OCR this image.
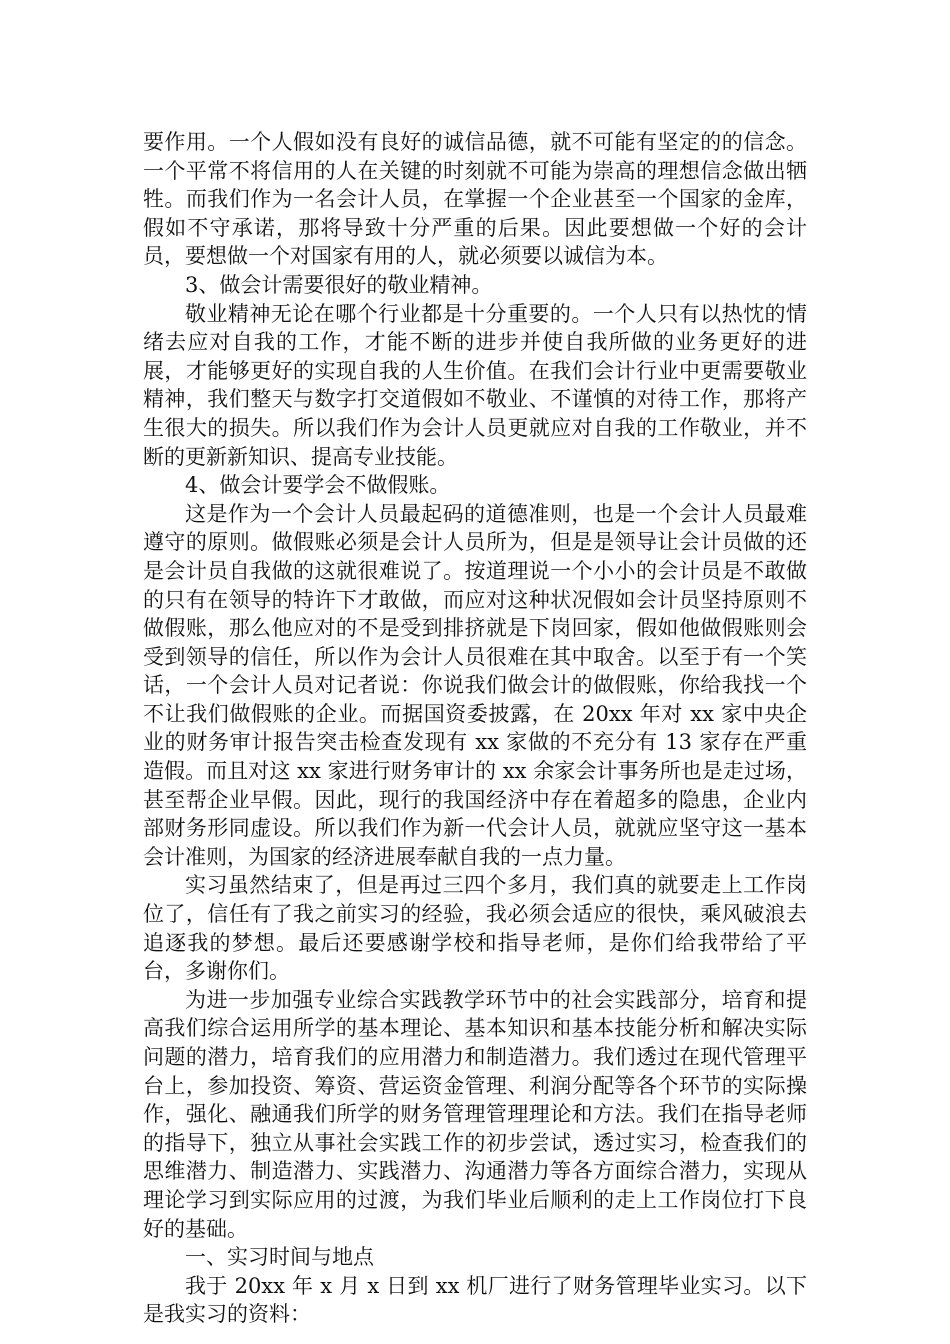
要作用。一个人假如没有良好的诚信品德，就不可能有坚定的的信念。一个平常不将信用的人在关键的时刻就不可能为崇高的理想信念做出牺牲。而我们作为一名会计人员，在掌握一个企业甚至一个国家的金库，假如不守承诺，那将导致十分严重的后果。因此要想做一个好的会计员，要想做一个对国家有用的人，就必须要以诚信为本。

3、做会计需要很好的敬业精神。

敬业精神无论在哪个行业都是十分重要的。一个人只有以热忱的情绪去应对自我的工作，才能不断的进步并使自我所做的业务更好的进展，才能够更好的实现自我的人生价值。在我们会计行业中更需要敬业精神，我们整天与数字打交道假如不敬业、不谨慎的对待工作，那将产生很大的损失。所以我们作为会计人员更就应对自我的工作敬业，并不断的更新新知识、提高专业技能。

4、做会计要学会不做假账。

这是作为一个会计人员最起码的道德准则，也是一个会计人员最难遵守的原则。做假账必须是会计人员所为，但是是领导让会计员做的还是会计员自我做的这就很难说了。按道理说一个小小的会计员是不敢做的只有在领导的特许下才敢做，而应对这种状况假如会计员坚持原则不做假账，那么他应对的不是受到排挤就是下岗回家，假如他做假账则会受到领导的信任，所以作为会计人员很难在其中取舍。以至于有一个笑话，一个会计人员对记者说：你说我们做会计的做假账，你给我找一个不让我们做假账的企业。而据国资委披露，在 20xx 年对 xx 家中央企业的财务审计报告突击检查发现有 xx 家做的不充分有 13 家存在严重造假。而且对这 xx 家进行财务审计的 xx 余家会计事务所也是走过场，甚至帮企业早假。因此，现行的我国经济中存在着超多的隐患，企业内部财务形同虚设。所以我们作为新一代会计人员，就就应坚守这一基本会计准则，为国家的经济进展奉献自我的一点力量。

实习虽然结束了，但是再过三四个多月，我们真的就要走上工作岗位了，信任有了我之前实习的经验，我必须会适应的很快，乘风破浪去追逐我的梦想。最后还要感谢学校和指导老师，是你们给我带给了平台，多谢你们。

为进一步加强专业综合实践教学环节中的社会实践部分，培育和提高我们综合运用所学的基本理论、基本知识和基本技能分析和解决实际问题的潜力，培育我们的应用潜力和制造潜力。我们透过在现代管理平台上，参加投资、筹资、营运资金管理、利润分配等各个环节的实际操作，强化、融通我们所学的财务管理管理理论和方法。我们在指导老师的指导下，独立从事社会实践工作的初步尝试，透过实习，检查我们的思维潜力、制造潜力、实践潜力、沟通潜力等各方面综合潜力，实现从理论学习到实际应用的过渡，为我们毕业后顺利的走上工作岗位打下良好的基础。

一、实习时间与地点

我于 20xx 年 x 月 x 日到 xx 机厂进行了财务管理毕业实习。以下是我实习的资料：
